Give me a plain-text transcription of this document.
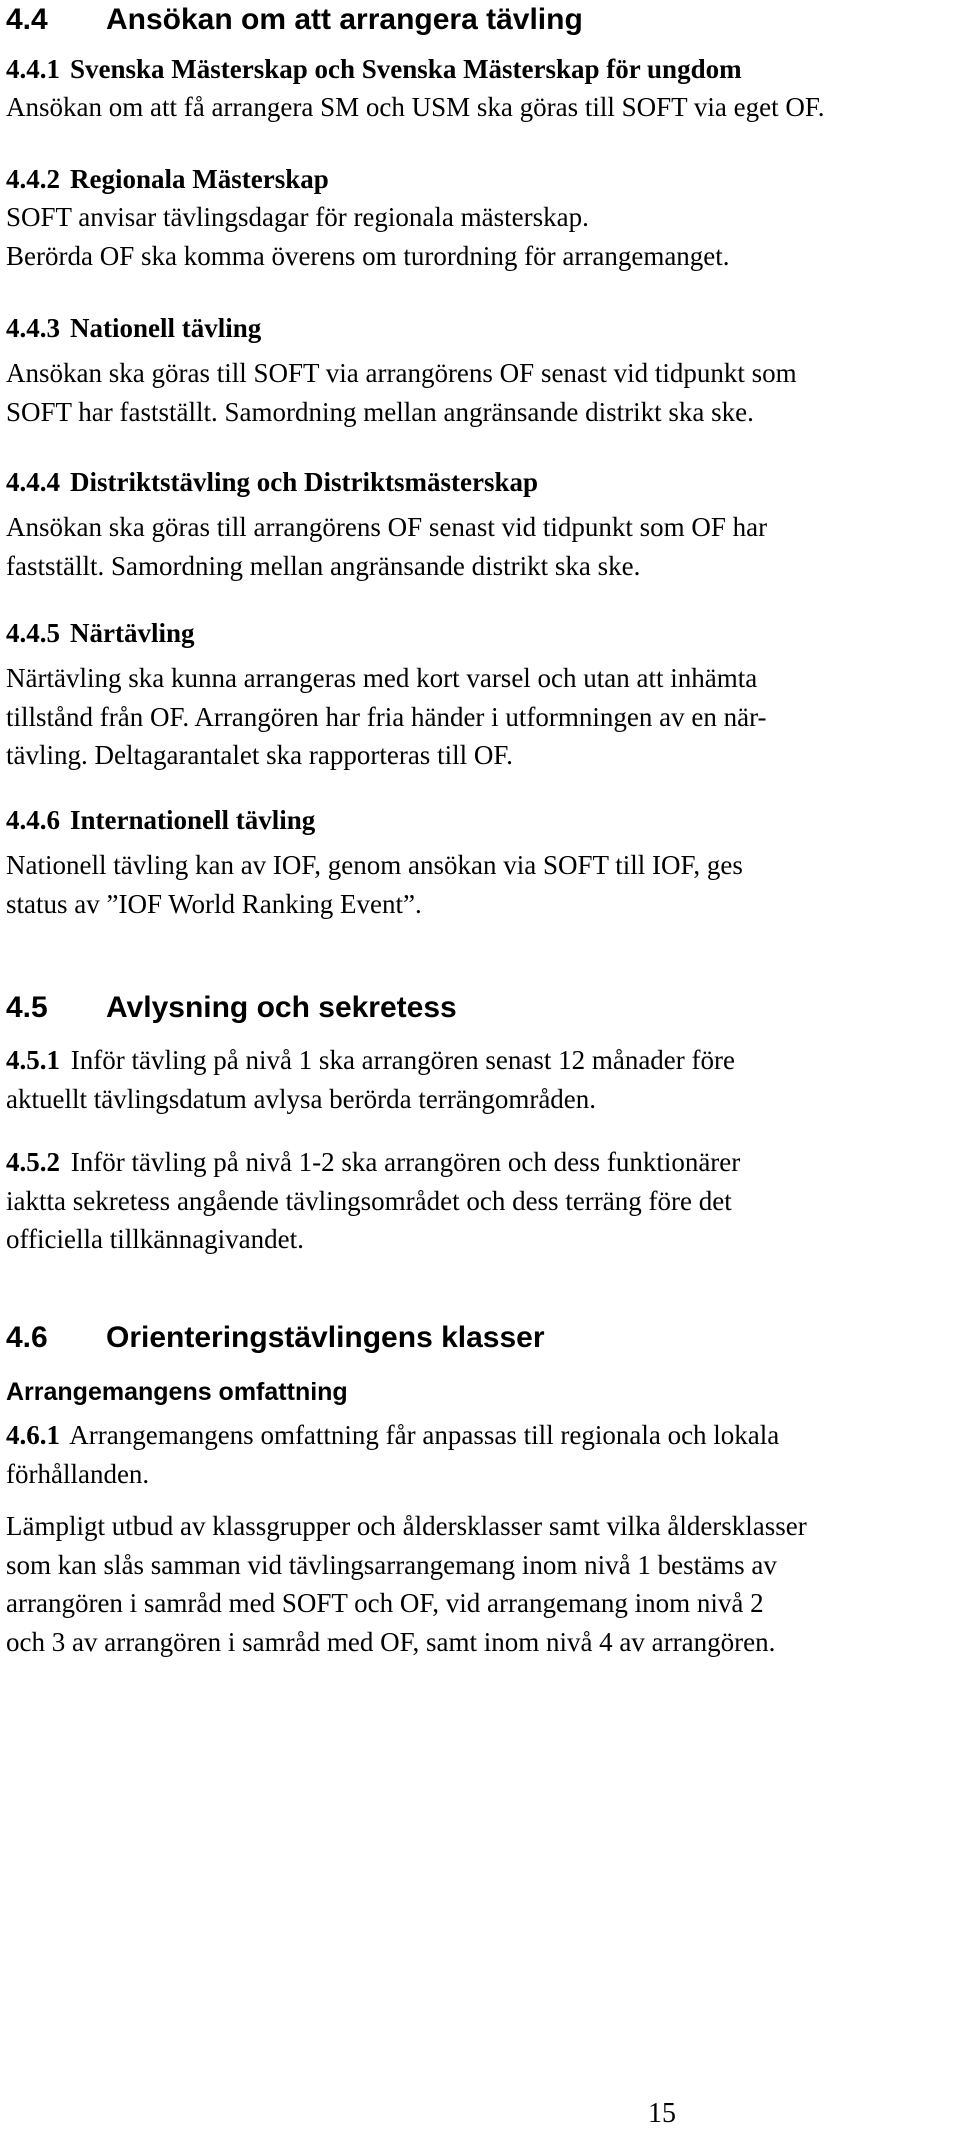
4.4 Ansökan om att arrangera tävling
4.4.1 Svenska Mästerskap och Svenska Mästerskap för ungdom

Ansökan om att få arrangera SM och USM ska göras till SOFT via eget OF.

4.4.2 Regionala Mästerskap

SOFT anvisar tävlingsdagar för regionala mästerskap.
Berörda OF ska komma överens om turordning för arrangemanget.

4.4.3 Nationell tävling

Ansökan ska göras till SOFT via arrangörens OF senast vid tidpunkt som
SOFT har fastställt. Samordning mellan angränsande distrikt ska ske.

4.4.4 Distriktstävling och Distriktsmästerskap

Ansökan ska göras till arrangörens OF senast vid tidpunkt som OF har
fastställt. Samordning mellan angränsande distrikt ska ske.

4.4.5 Närtävling

Närtävling ska kunna arrangeras med kort varsel och utan att inhämta
tillstånd från OF. Arrangören har fria händer i utformningen av en när-
tävling. Deltagarantalet ska rapporteras till OF.

4.4.6 Internationell tävling

Nationell tävling kan av IOF, genom ansökan via SOFT till IOF, ges
status av ”IOF World Ranking Event”.

4.5 Avlysning och sekretess

4.5.1 Inför tävling på nivå 1 ska arrangören senast 12 månader före
aktuellt tävlingsdatum avlysa berörda terrängområden.

4.5.2 Inför tävling på nivå 1-2 ska arrangören och dess funktionärer
iaktta sekretess angående tävlingsområdet och dess terräng före det
officiella tillkännagivandet.

4.6 Orienteringstävlingens klasser
Arrangemangens omfattning

4.6.1 Arrangemangens omfattning får anpassas till regionala och lokala
förhållanden.

Lämpligt utbud av klassgrupper och åldersklasser samt vilka åldersklasser
som kan slås samman vid tävlingsarrangemang inom nivå 1 bestäms av
arrangören i samråd med SOFT och OF, vid arrangemang inom nivå 2
och 3 av arrangören i samråd med OF, samt inom nivå 4 av arrangören.

15
